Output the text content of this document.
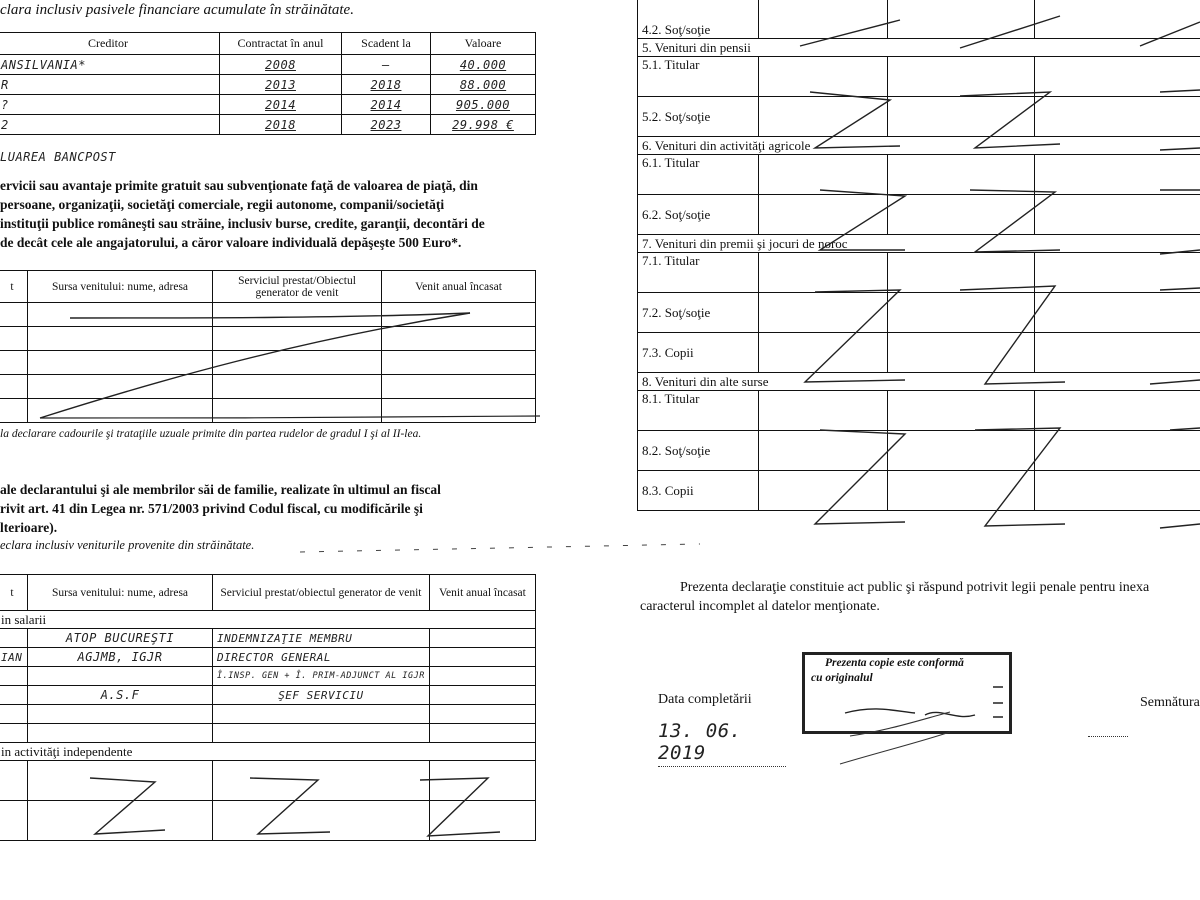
clara inclusiv pasivele financiare acumulate în străinătate.
Creditor	Contractat în anul	Scadent la	Valoare
ANSILVANIA*	2008	—	40.000
R	2013	2018	88.000
?	2014	2014	905.000
2	2018	2023	29.998 €
LUAREA BANCPOST
ervicii sau avantaje primite gratuit sau subvenţionate faţă de valoarea de piaţă, din
persoane, organizaţii, societăţi comerciale, regii autonome, companii/societăţi
instituţii publice româneşti sau străine, inclusiv burse, credite, garanţii, decontări de
de decât cele ale angajatorului, a căror valoare individuală depăşeşte 500 Euro*.
t	Sursa venitului: nume, adresa	Serviciul prestat/Obiectul generator de venit	Venit anual încasat

la declarare cadourile şi trataţiile uzuale primite din partea rudelor de gradul I şi al II-lea.
ale declarantului şi ale membrilor săi de familie, realizate în ultimul an fiscal
rivit art. 41 din Legea nr. 571/2003 privind Codul fiscal, cu modificările şi
lterioare).
eclara inclusiv veniturile provenite din străinătate.
t	Sursa venitului: nume, adresa	Serviciul prestat/obiectul generator de venit	Venit anual încasat
in salarii			
	ATOP BUCUREŞTI	INDEMNIZAŢIE MEMBRU	
IAN	AGJMB, IGJR	DIRECTOR GENERAL	
		Î.INSP. GEN + Î. PRIM-ADJUNCT AL IGJR	
	A.S.F	ŞEF SERVICIU	

in activităţi independente			

4.2. Soţ/soţie			
5. Venituri din pensii			
5.1. Titular			
5.2. Soţ/soţie			
6. Venituri din activităţi agricole			
6.1. Titular			
6.2. Soţ/soţie			
7. Venituri din premii şi jocuri de noroc			
7.1. Titular			
7.2. Soţ/soţie			
7.3. Copii			
8. Venituri din alte surse			
8.1. Titular			
8.2. Soţ/soţie			
8.3. Copii			
Prezenta declaraţie constituie act public şi răspund potrivit legii penale pentru inexa
caracterul incomplet al datelor menţionate.
Data completării
13. 06. 2019
Prezenta copie este conformă
cu originalul
Semnătura
